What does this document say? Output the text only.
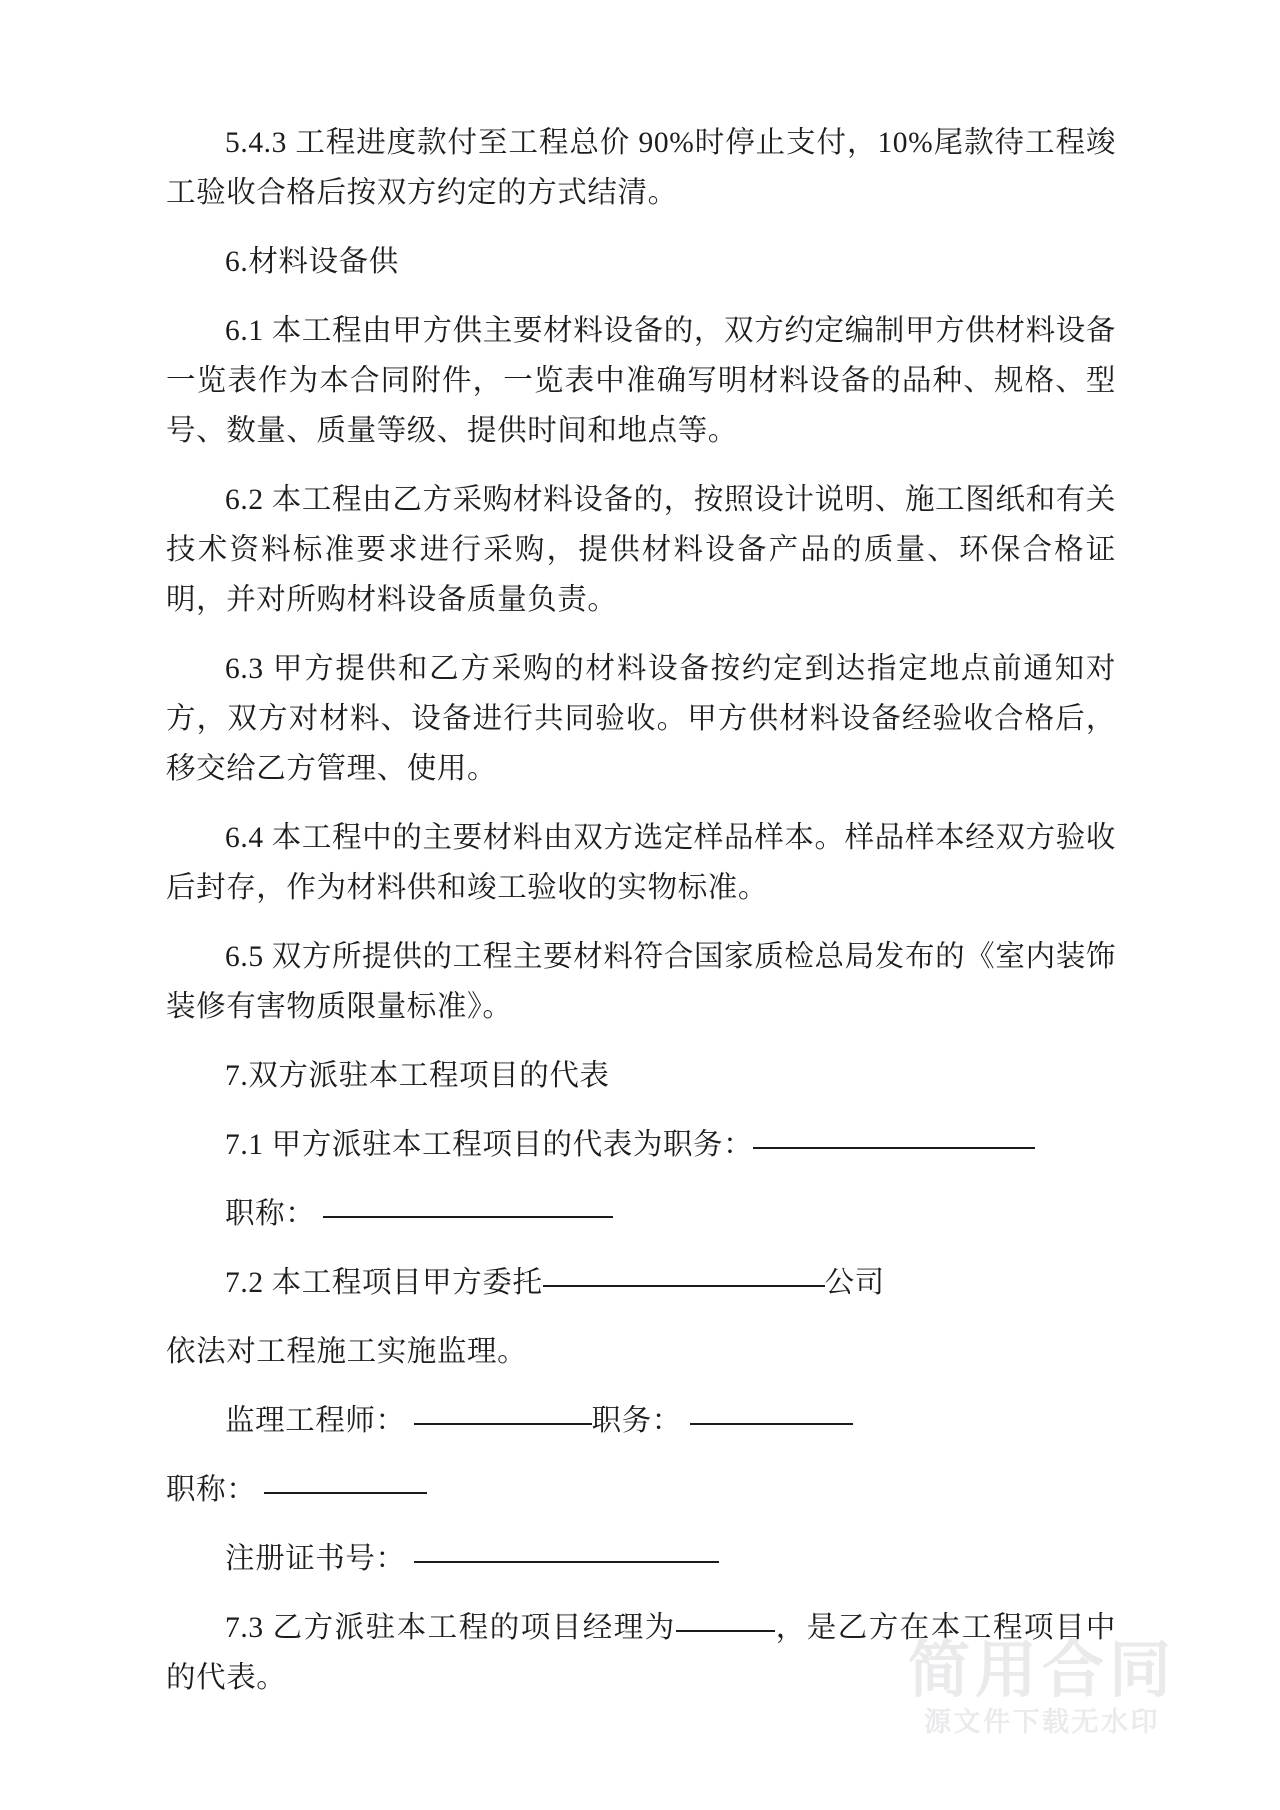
5.4.3 工程进度款付至工程总价 90%时停止支付，10%尾款待工程竣工验收合格后按双方约定的方式结清。

6.材料设备供

6.1 本工程由甲方供主要材料设备的，双方约定编制甲方供材料设备一览表作为本合同附件，一览表中准确写明材料设备的品种、规格、型号、数量、质量等级、提供时间和地点等。

6.2 本工程由乙方采购材料设备的，按照设计说明、施工图纸和有关技术资料标准要求进行采购，提供材料设备产品的质量、环保合格证明，并对所购材料设备质量负责。

6.3 甲方提供和乙方采购的材料设备按约定到达指定地点前通知对方，双方对材料、设备进行共同验收。甲方供材料设备经验收合格后，移交给乙方管理、使用。

6.4 本工程中的主要材料由双方选定样品样本。样品样本经双方验收后封存，作为材料供和竣工验收的实物标准。

6.5 双方所提供的工程主要材料符合国家质检总局发布的《室内装饰装修有害物质限量标准》。

7.双方派驻本工程项目的代表

7.1 甲方派驻本工程项目的代表为职务：

职称：

7.2 本工程项目甲方委托	公司

依法对工程施工实施监理。

监理工程师：	职务：

职称：

注册证书号：

7.3 乙方派驻本工程的项目经理为	，是乙方在本工程项目中的代表。	简用合同
源文件下载无水印
